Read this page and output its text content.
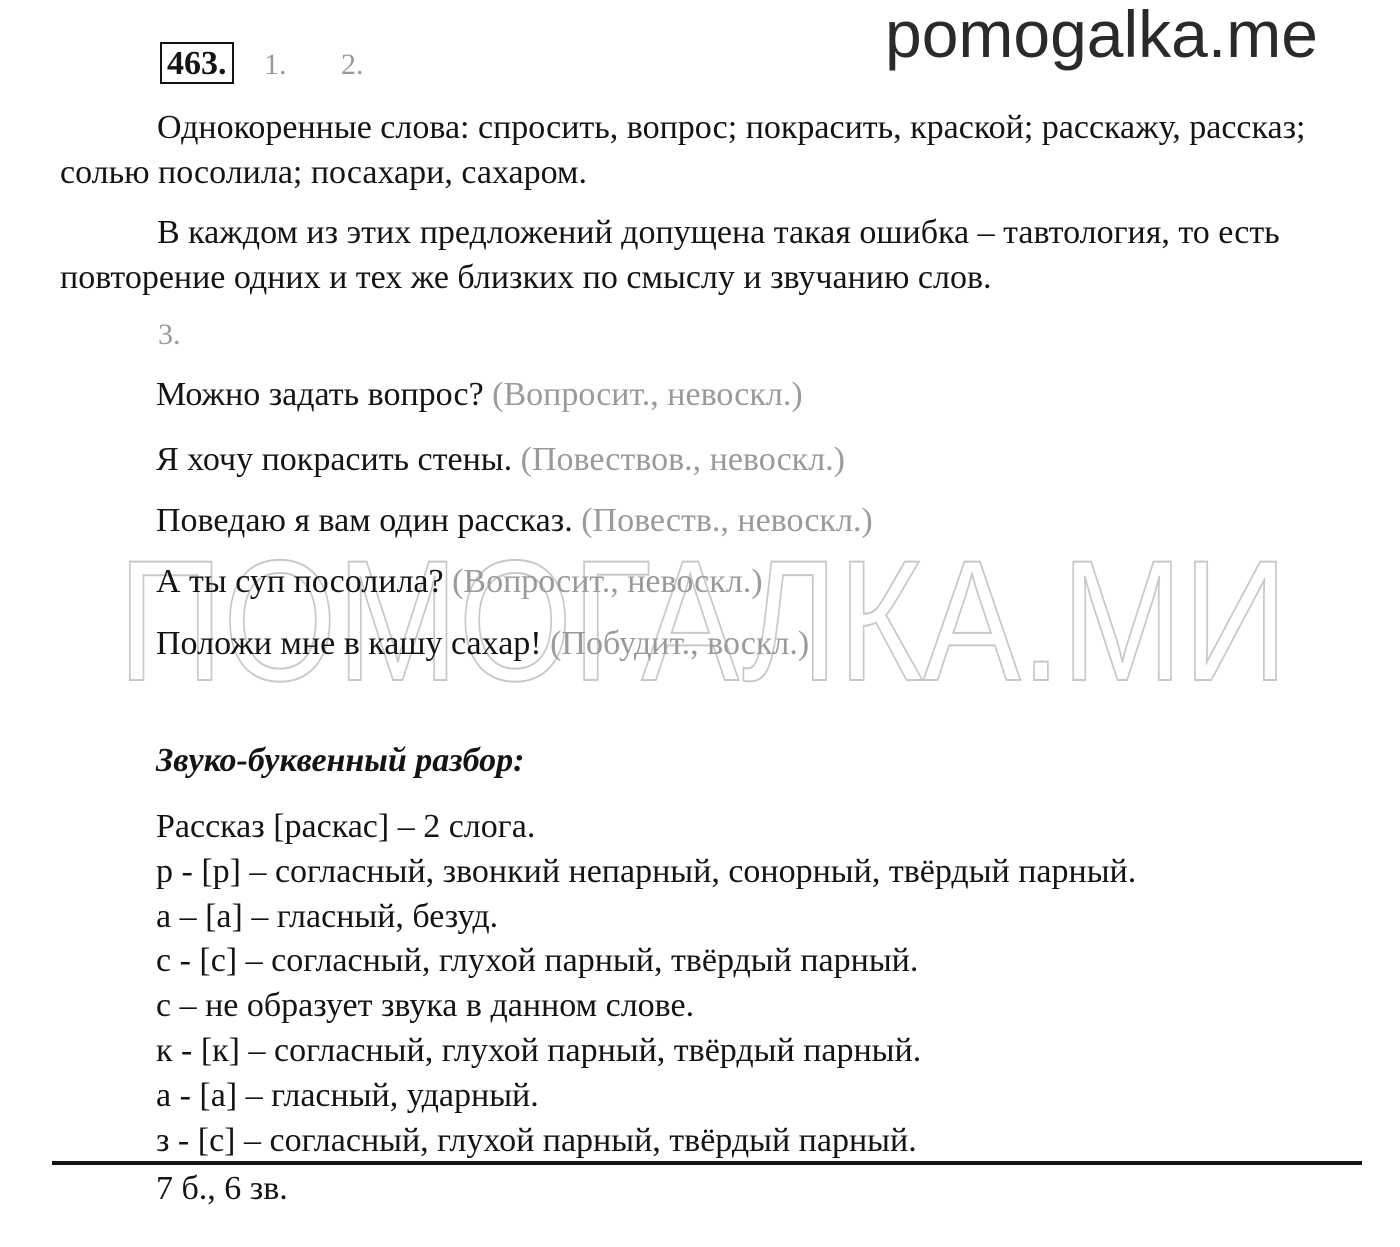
pomogalka.me
463. 1. 2.

Однокоренные слова: спросить, вопрос; покрасить, краской; расскажу, рассказ; солью посолила; посахари, сахаром.

В каждом из этих предложений допущена такая ошибка – тавтология, то есть повторение одних и тех же близких по смыслу и звучанию слов.

3.
ПОМОГАЛКА.МИ

Можно задать вопрос? (Вопросит., невоскл.)

Я хочу покрасить стены. (Повествов., невоскл.)

Поведаю я вам один рассказ. (Повеств., невоскл.)

А ты суп посолила? (Вопросит., невоскл.)

Положи мне в кашу сахар! (Побудит., воскл.)

Звуко-буквенный разбор:

Рассказ [раскас] – 2 слога.
р - [р] – согласный, звонкий непарный, сонорный, твёрдый парный.
а – [а] – гласный, безуд.
с - [с] – согласный, глухой парный, твёрдый парный.
с – не образует звука в данном слове.
к - [к] – согласный, глухой парный, твёрдый парный.
а - [а] – гласный, ударный.
з - [с] – согласный, глухой парный, твёрдый парный.

7 б., 6 зв.
